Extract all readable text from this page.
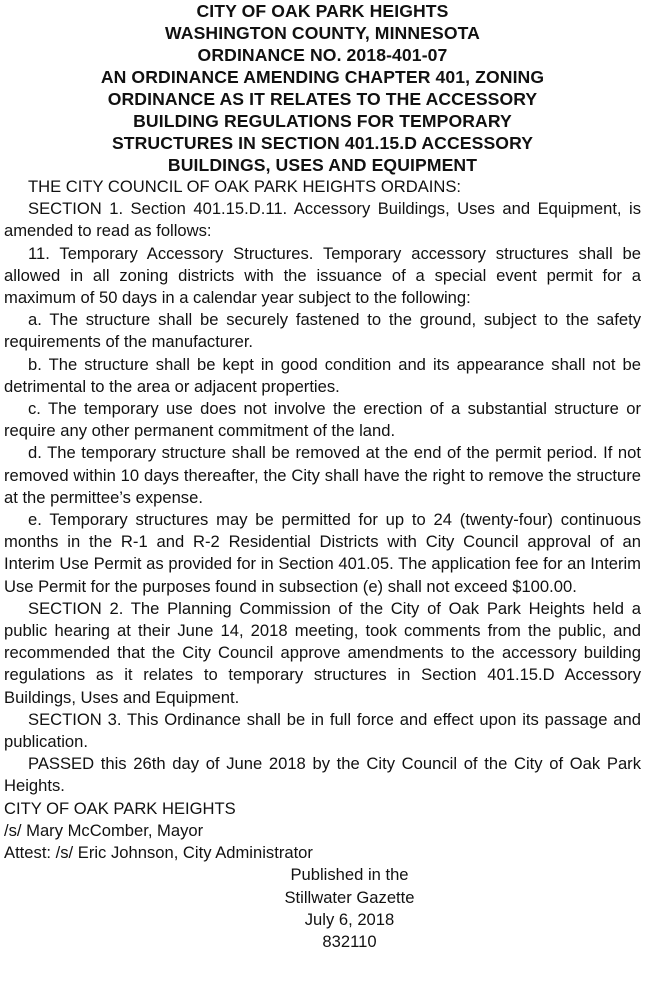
CITY OF OAK PARK HEIGHTS
WASHINGTON COUNTY, MINNESOTA
ORDINANCE NO. 2018-401-07
AN ORDINANCE AMENDING CHAPTER 401, ZONING
ORDINANCE AS IT RELATES TO THE ACCESSORY
BUILDING REGULATIONS FOR TEMPORARY
STRUCTURES IN SECTION 401.15.D ACCESSORY
BUILDINGS, USES AND EQUIPMENT

THE CITY COUNCIL OF OAK PARK HEIGHTS ORDAINS:

SECTION 1. Section 401.15.D.11. Accessory Buildings, Uses and Equipment, is amended to read as follows:

11. Temporary Accessory Structures. Temporary accessory structures shall be allowed in all zoning districts with the issuance of a special event permit for a maximum of 50 days in a calendar year subject to the following:

a. The structure shall be securely fastened to the ground, subject to the safety requirements of the manufacturer.

b. The structure shall be kept in good condition and its appearance shall not be detrimental to the area or adjacent properties.

c. The temporary use does not involve the erection of a substantial structure or require any other permanent commitment of the land.

d. The temporary structure shall be removed at the end of the permit period. If not removed within 10 days thereafter, the City shall have the right to remove the structure at the permittee’s expense.

e. Temporary structures may be permitted for up to 24 (twenty-four) continuous months in the R-1 and R-2 Residential Districts with City Council approval of an Interim Use Permit as provided for in Section 401.05. The application fee for an Interim Use Permit for the purposes found in subsection (e) shall not exceed $100.00.

SECTION 2. The Planning Commission of the City of Oak Park Heights held a public hearing at their June 14, 2018 meeting, took comments from the public, and recommended that the City Council approve amendments to the accessory building regulations as it relates to temporary structures in Section 401.15.D Accessory Buildings, Uses and Equipment.

SECTION 3. This Ordinance shall be in full force and effect upon its passage and publication.

PASSED this 26th day of June 2018 by the City Council of the City of Oak Park Heights.

CITY OF OAK PARK HEIGHTS

/s/ Mary McComber, Mayor

Attest: /s/ Eric Johnson, City Administrator

Published in the
Stillwater Gazette
July 6, 2018
832110
